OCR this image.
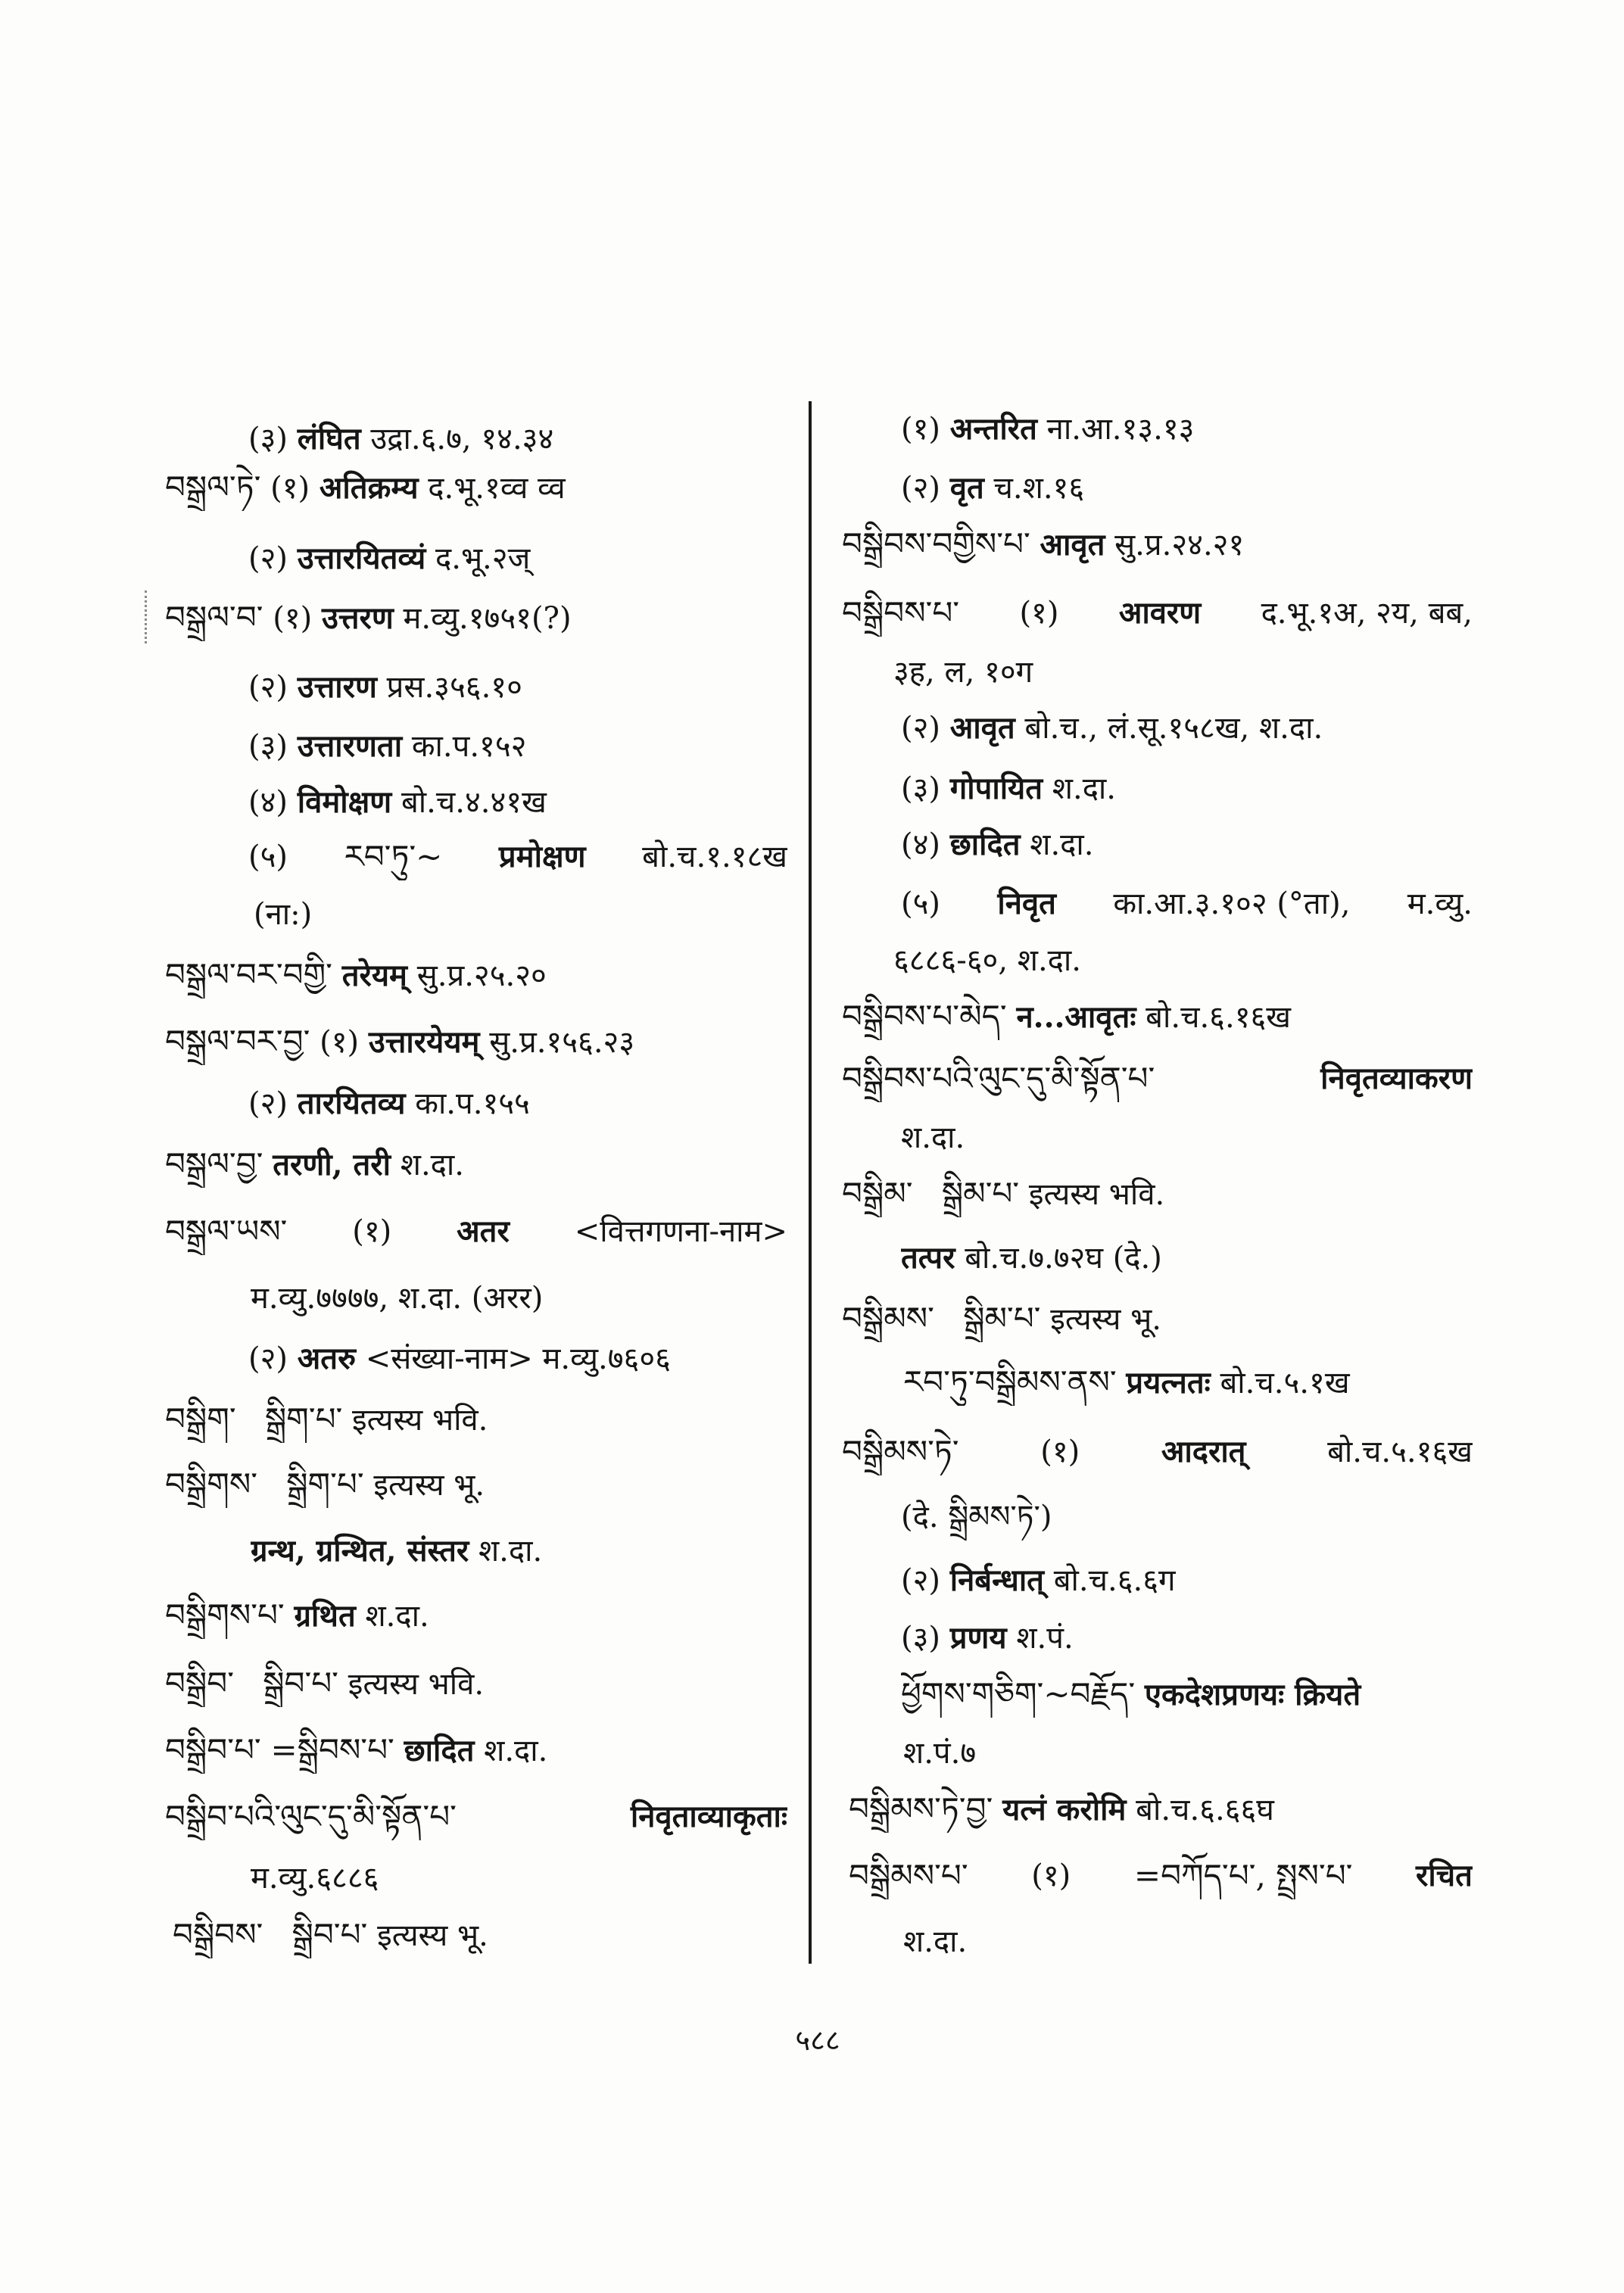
(३) लंघित उद्रा.६.७, १४.३४
བསྒྲལ་ཏེ་ (१) अतिक्रम्य द.भू.१व्व व्व
(२) उत्तारयितव्यं द.भू.२ज्
བསྒྲལ་བ་ (१) उत्तरण म.व्यु.१७५१(?)
(२) उत्तारण प्रस.३५६.१०
(३) उत्तारणता का.प.१५२
(४) विमोक्षण बो.च.४.४१ख
(५) རབ་ཏུ་~ प्रमोक्षण बो.च.१.१८ख
(ना:)
བསྒྲལ་བར་བགྱི་ तरेयम् सु.प्र.२५.२०
བསྒྲལ་བར་བྱ་ (१) उत्तारयेयम् सु.प्र.१५६.२३
(२) तारयितव्य का.प.१५५
བསྒྲལ་བྱ་ तरणी, तरी श.दा.
བསྒྲལ་ཡས་ (१) अतर <वित्तगणना-नाम>
म.व्यु.७७७७, श.दा. (अरर)
(२) अतरु <संख्या-नाम> म.व्यु.७६०६
བསྒྲིག་ སྒྲིག་པ་ इत्यस्य भवि.
བསྒྲིགས་ སྒྲིག་པ་ इत्यस्य भू.
ग्रन्थ, ग्रन्थित, संस्तर श.दा.
བསྒྲིགས་པ་ ग्रथित श.दा.
བསྒྲིབ་ སྒྲིབ་པ་ इत्यस्य भवि.
བསྒྲིབ་པ་ =སྒྲིབས་པ་ छादित श.दा.
བསྒྲིབ་པའི་ལུང་དུ་མི་སྟོན་པ་	निवृताव्याकृताः
म.व्यु.६८८६
བསྒྲིབས་ སྒྲིབ་པ་ इत्यस्य भू.
(१) अन्तरित ना.आ.१३.१३
(२) वृत च.श.१६
བསྒྲིབས་བགྱིས་པ་ आवृत सु.प्र.२४.२१
བསྒྲིབས་པ་ (१) आवरण द.भू.१अ, २य, बब,
३ह, ल, १०ग
(२) आवृत बो.च., लं.सू.१५८ख, श.दा.
(३) गोपायित श.दा.
(४) छादित श.दा.
(५) निवृत का.आ.३.१०२ (°ता), म.व्यु.
६८८६-६०, श.दा.
བསྒྲིབས་པ་མེད་ न...आवृतः बो.च.६.१६ख
བསྒྲིབས་པའི་ལུང་དུ་མི་སྟོན་པ་	निवृतव्याकरण
श.दा.
བསྒྲིམ་ སྒྲིམ་པ་ इत्यस्य भवि.
तत्पर बो.च.७.७२घ (दे.)
བསྒྲིམས་ སྒྲིམ་པ་ इत्यस्य भू.
རབ་ཏུ་བསྒྲིམས་ནས་ प्रयत्नतः बो.च.५.१ख
བསྒྲིམས་ཏེ་	(१)	आदरात्	बो.च.५.१६ख
(दे. སྒྲིམས་ཏེ་)
(२) निर्बन्धात् बो.च.६.६ग
(३) प्रणय श.पं.
ཕྱོགས་གཅིག་~བརྗོད་ एकदेशप्रणयः क्रियते
श.पं.७
བསྒྲིམས་ཏེ་བྱ་ यत्नं करोमि बो.च.६.६६घ
བསྒྲིམས་པ་ (१) =བཀོད་པ་, སྤྲས་པ་ रचित
श.दा.
५८८
